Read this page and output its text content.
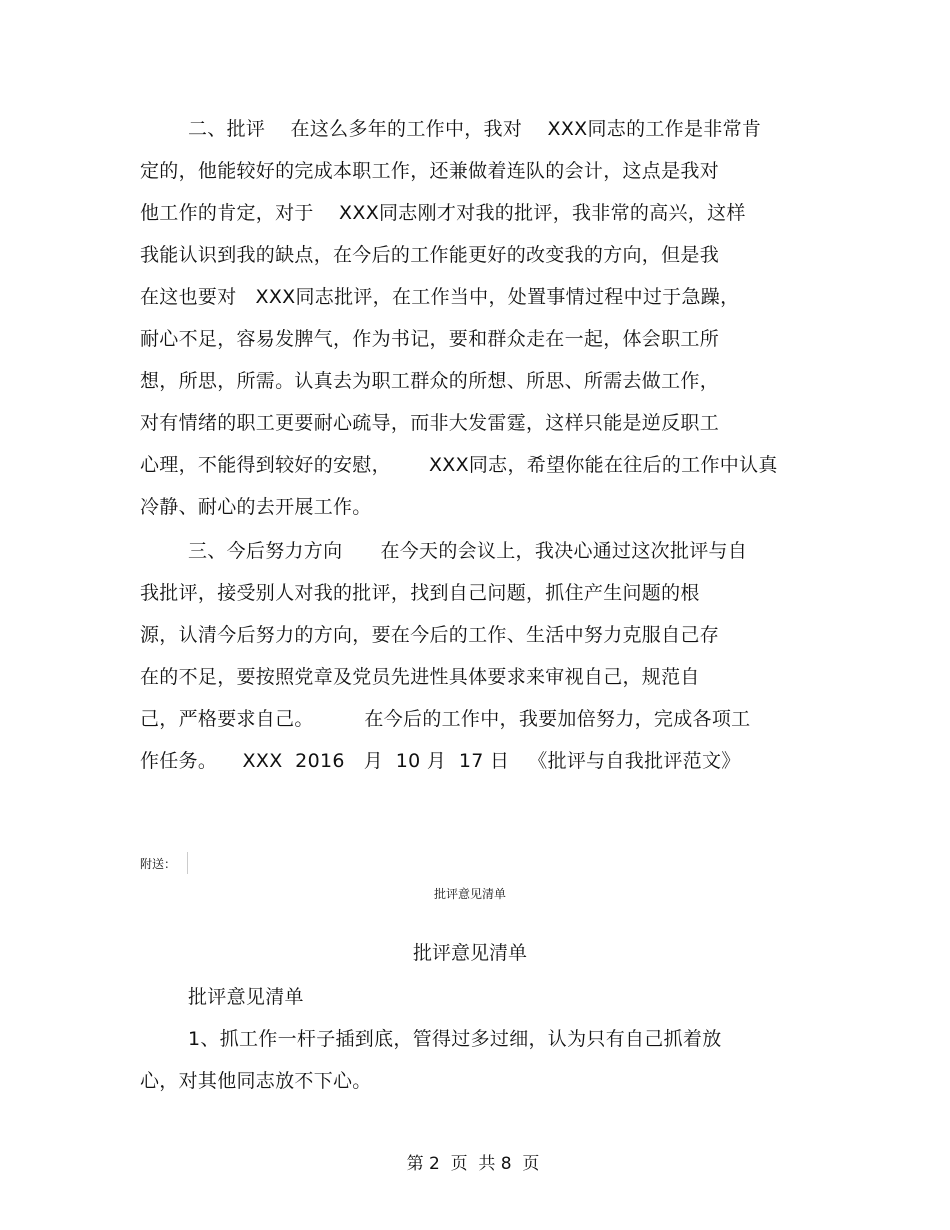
二、批评    在这么多年的工作中，我对    XXX同志的工作是非常肯
定的，他能较好的完成本职工作，还兼做着连队的会计，这点是我对
他工作的肯定，对于    XXX同志刚才对我的批评，我非常的高兴，这样
我能认识到我的缺点，在今后的工作能更好的改变我的方向，但是我
在这也要对   XXX同志批评，在工作当中，处置事情过程中过于急躁，
耐心不足，容易发脾气，作为书记，要和群众走在一起，体会职工所
想，所思，所需。认真去为职工群众的所想、所思、所需去做工作，
对有情绪的职工更要耐心疏导，而非大发雷霆，这样只能是逆反职工
心理，不能得到较好的安慰，      XXX同志，希望你能在往后的工作中认真
冷静、耐心的去开展工作。
三、今后努力方向      在今天的会议上，我决心通过这次批评与自
我批评，接受别人对我的批评，找到自己问题，抓住产生问题的根
源，认清今后努力的方向，要在今后的工作、生活中努力克服自己存
在的不足，要按照党章及党员先进性具体要求来审视自己，规范自
己，严格要求自己。        在今后的工作中，我要加倍努力，完成各项工
作任务。    XXX  2016   月  10 月  17 日   《批评与自我批评范文》
附送：
批评意见清单
批评意见清单
批评意见清单
1、抓工作一杆子插到底，管得过多过细，认为只有自己抓着放
心，对其他同志放不下心。
第 2  页  共 8  页
